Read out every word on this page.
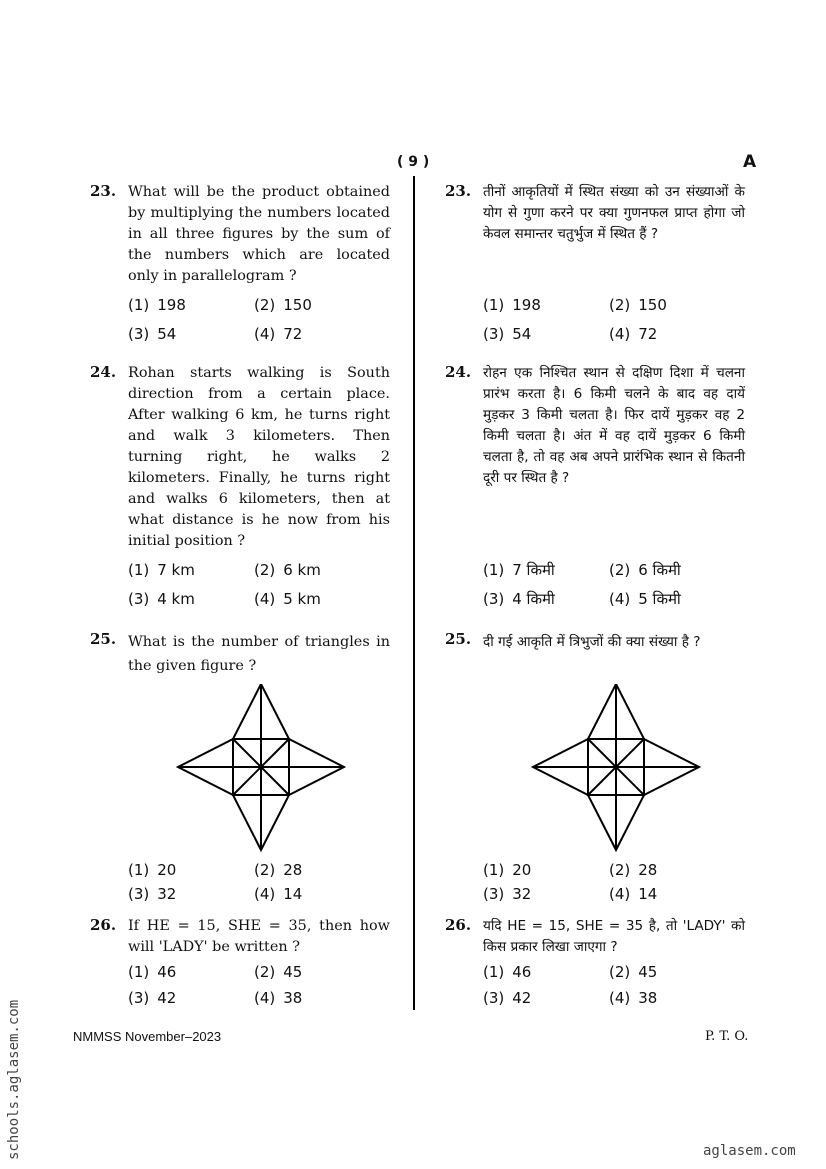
( 9 )	A
23. What will be the product obtained by multiplying the numbers located in all three figures by the sum of the numbers which are located only in parallelogram ?
(1) 198	(2) 150
(3) 54	(4) 72
24. Rohan starts walking is South direction from a certain place. After walking 6 km, he turns right and walk 3 kilometers. Then turning right, he walks 2 kilometers. Finally, he turns right and walks 6 kilometers, then at what distance is he now from his initial position ?
(1) 7 km	(2) 6 km
(3) 4 km	(4) 5 km
25. What is the number of triangles in the given figure ?
(1) 20	(2) 28
(3) 32	(4) 14
26. If HE = 15, SHE = 35, then how will 'LADY' be written ?
(1) 46	(2) 45
(3) 42	(4) 38
23. तीनों आकृतियों में स्थित संख्या को उन संख्याओं के योग से गुणा करने पर क्या गुणनफल प्राप्त होगा जो केवल समान्तर चतुर्भुज में स्थित हैं ?
(1) 198	(2) 150
(3) 54	(4) 72
24. रोहन एक निश्चित स्थान से दक्षिण दिशा में चलना प्रारंभ करता है। 6 किमी चलने के बाद वह दायें मुड़कर 3 किमी चलता है। फिर दायें मुड़कर वह 2 किमी चलता है। अंत में वह दायें मुड़कर 6 किमी चलता है, तो वह अब अपने प्रारंभिक स्थान से कितनी दूरी पर स्थित है ?
(1) 7 किमी	(2) 6 किमी
(3) 4 किमी	(4) 5 किमी
25. दी गई आकृति में त्रिभुजों की क्या संख्या है ?
(1) 20	(2) 28
(3) 32	(4) 14
26. यदि HE = 15, SHE = 35 है, तो 'LADY' को किस प्रकार लिखा जाएगा ?
(1) 46	(2) 45
(3) 42	(4) 38
NMMSS November–2023	P. T. O.
schools.aglasem.com	aglasem.com
